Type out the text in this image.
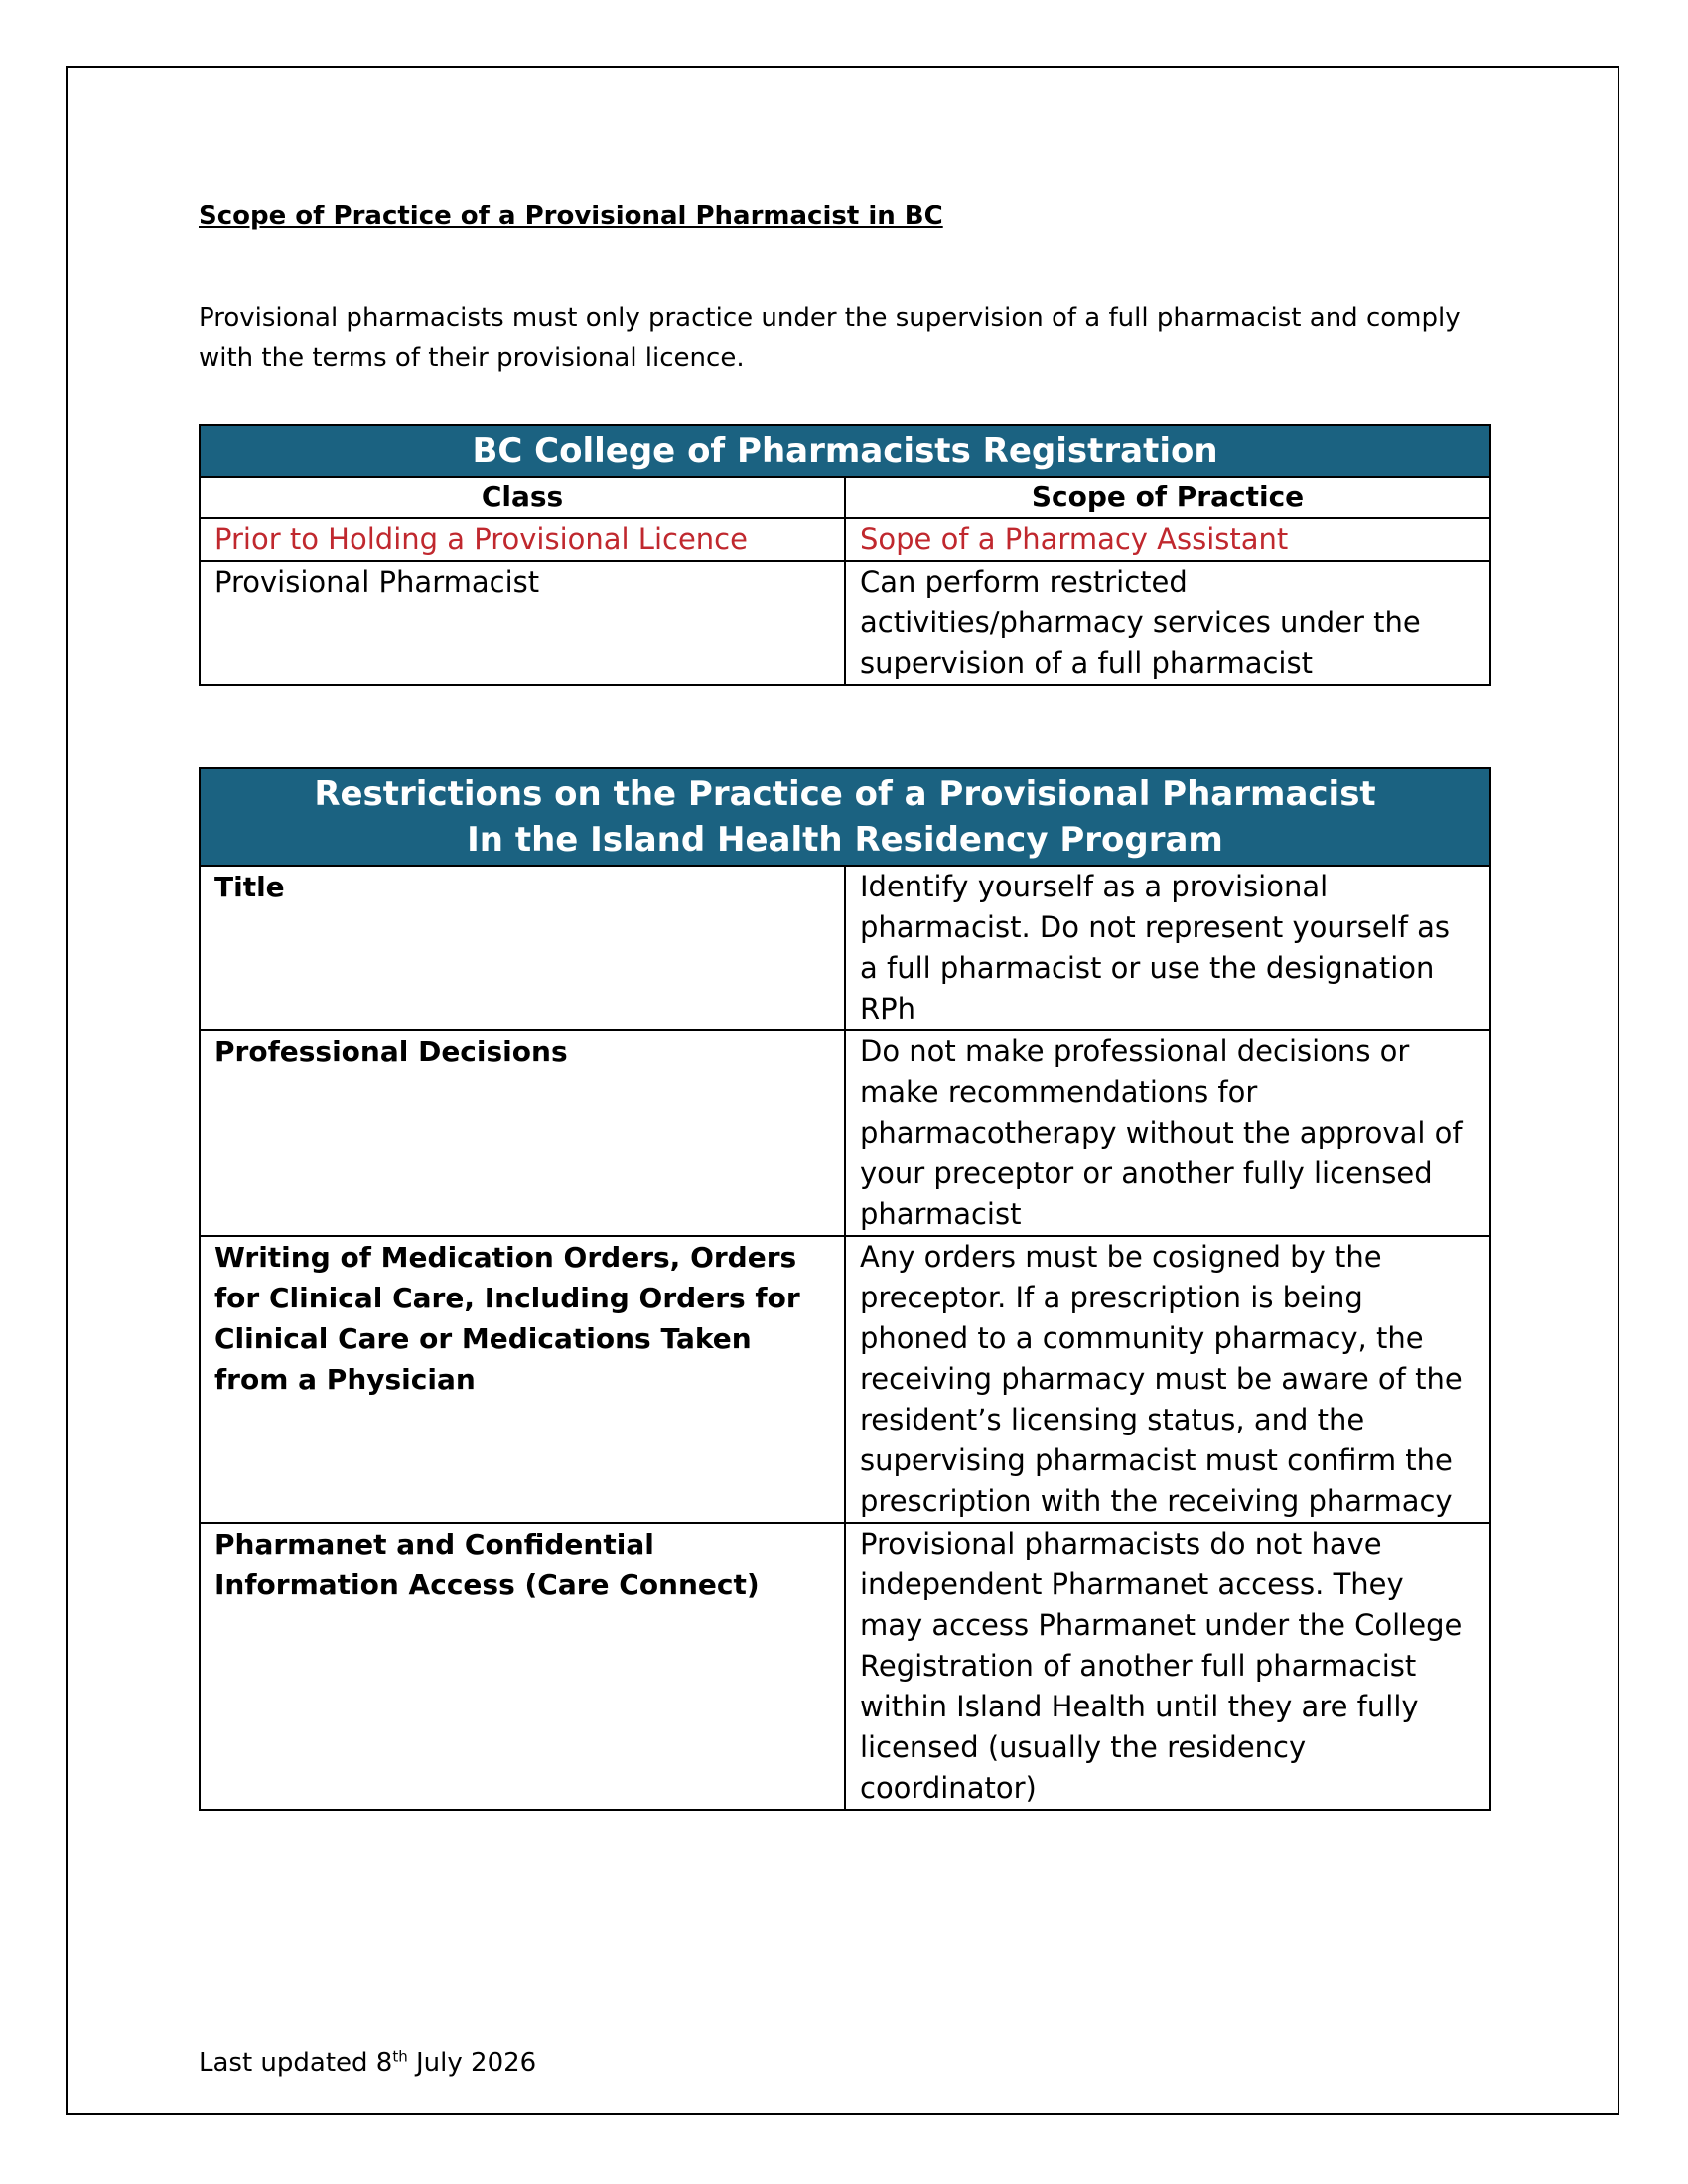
Scope of Practice of a Provisional Pharmacist in BC

Provisional pharmacists must only practice under the supervision of a full pharmacist and comply with the terms of their provisional licence.

BC College of Pharmacists Registration	
Class	Scope of Practice
Prior to Holding a Provisional Licence	Sope of a Pharmacy Assistant
Provisional Pharmacist	Can perform restricted activities/pharmacy services under the supervision of a full pharmacist
Restrictions on the Practice of a Provisional Pharmacist
In the Island Health Residency Program	
Title	Identify yourself as a provisional pharmacist. Do not represent yourself as a full pharmacist or use the designation RPh
Professional Decisions	Do not make professional decisions or make recommendations for pharmacotherapy without the approval of your preceptor or another fully licensed pharmacist
Writing of Medication Orders, Orders for Clinical Care, Including Orders for Clinical Care or Medications Taken from a Physician	Any orders must be cosigned by the preceptor. If a prescription is being phoned to a community pharmacy, the receiving pharmacy must be aware of the resident’s licensing status, and the supervising pharmacist must confirm the prescription with the receiving pharmacy
Pharmanet and Confidential Information Access (Care Connect)	Provisional pharmacists do not have independent Pharmanet access. They may access Pharmanet under the College Registration of another full pharmacist within Island Health until they are fully licensed (usually the residency coordinator)

Last updated 8th July 2026
